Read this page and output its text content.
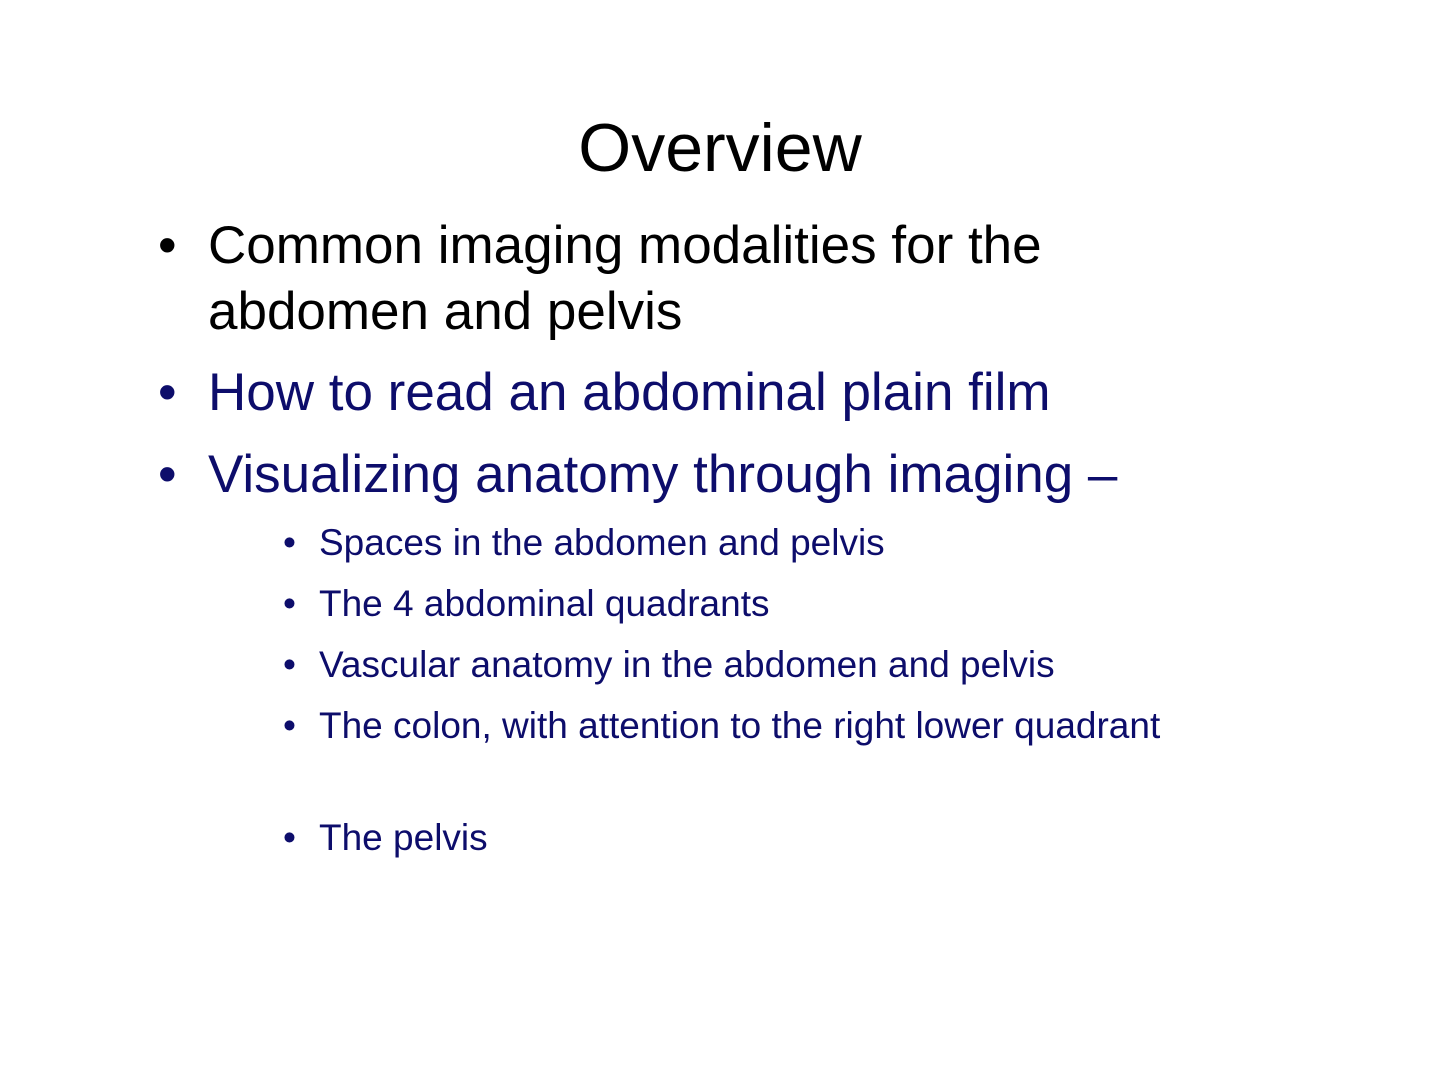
Overview
• Common imaging modalities for the abdomen and pelvis
• How to read an abdominal plain film
• Visualizing anatomy through imaging –
• Spaces in the abdomen and pelvis
• The 4 abdominal quadrants
• Vascular anatomy in the abdomen and pelvis
• The colon, with attention to the right lower quadrant
• The pelvis
